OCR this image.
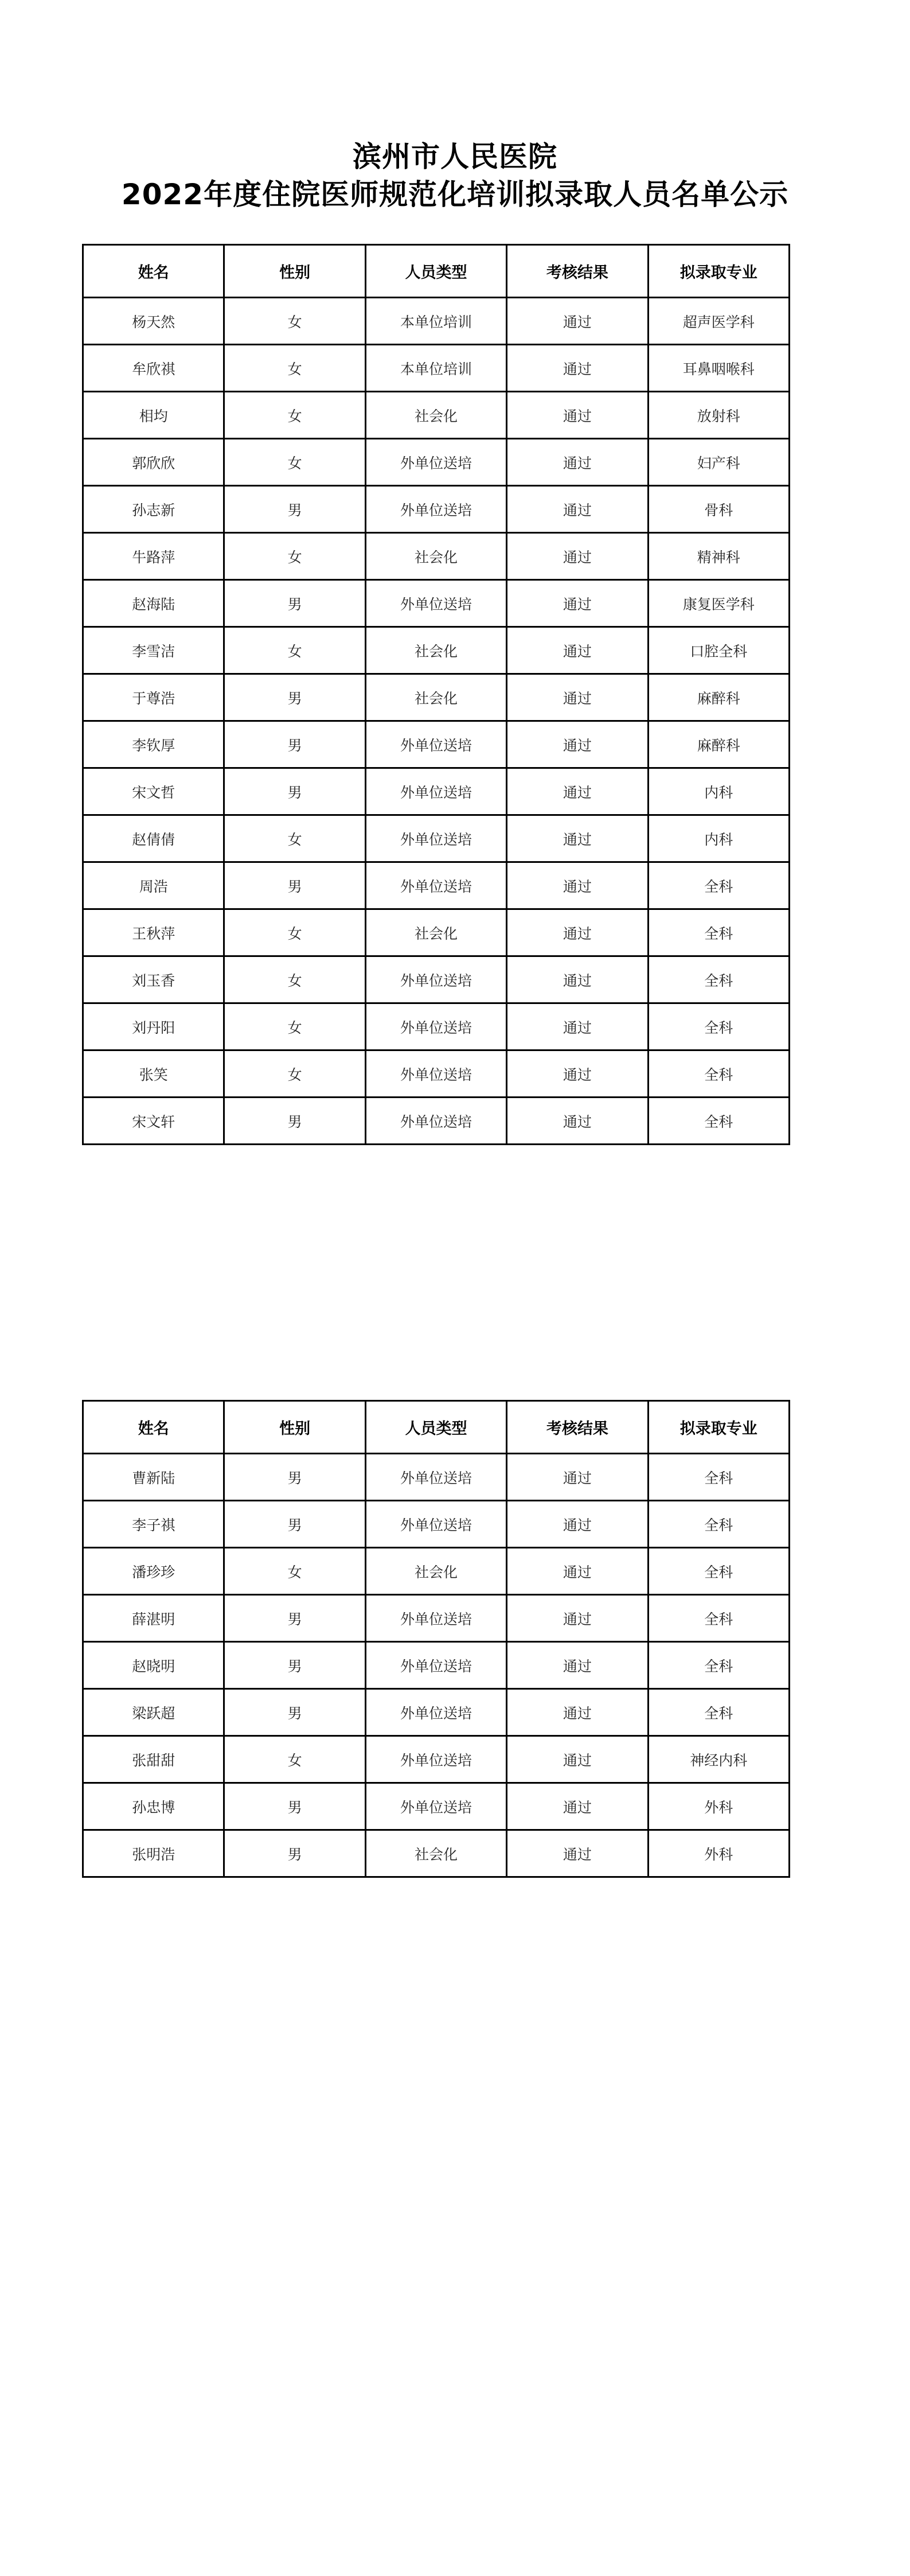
滨州市人民医院
2022年度住院医师规范化培训拟录取人员名单公示
姓名	性别	人员类型	考核结果	拟录取专业
杨天然	女	本单位培训	通过	超声医学科
牟欣祺	女	本单位培训	通过	耳鼻咽喉科
相均	女	社会化	通过	放射科
郭欣欣	女	外单位送培	通过	妇产科
孙志新	男	外单位送培	通过	骨科
牛路萍	女	社会化	通过	精神科
赵海陆	男	外单位送培	通过	康复医学科
李雪洁	女	社会化	通过	口腔全科
于尊浩	男	社会化	通过	麻醉科
李钦厚	男	外单位送培	通过	麻醉科
宋文哲	男	外单位送培	通过	内科
赵倩倩	女	外单位送培	通过	内科
周浩	男	外单位送培	通过	全科
王秋萍	女	社会化	通过	全科
刘玉香	女	外单位送培	通过	全科
刘丹阳	女	外单位送培	通过	全科
张笑	女	外单位送培	通过	全科
宋文轩	男	外单位送培	通过	全科
姓名	性别	人员类型	考核结果	拟录取专业
曹新陆	男	外单位送培	通过	全科
李子祺	男	外单位送培	通过	全科
潘珍珍	女	社会化	通过	全科
薛湛明	男	外单位送培	通过	全科
赵晓明	男	外单位送培	通过	全科
梁跃超	男	外单位送培	通过	全科
张甜甜	女	外单位送培	通过	神经内科
孙忠博	男	外单位送培	通过	外科
张明浩	男	社会化	通过	外科
